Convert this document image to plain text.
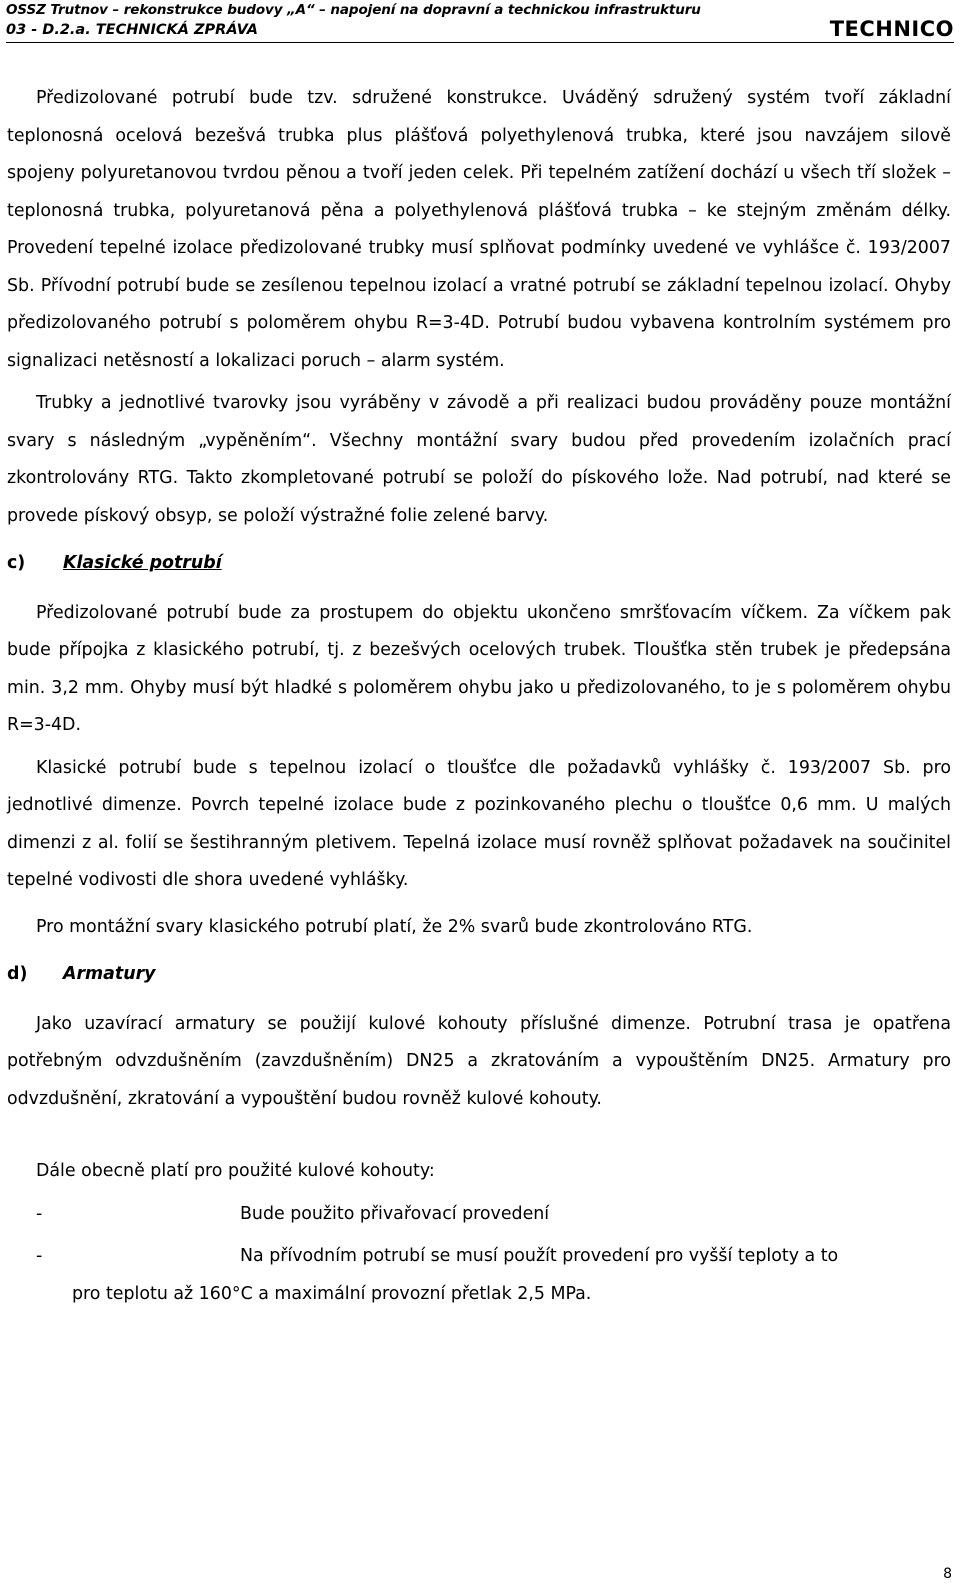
OSSZ Trutnov – rekonstrukce budovy „A“ – napojení na dopravní a technickou infrastrukturu
03 - D.2.a. TECHNICKÁ ZPRÁVA	TECHNICO

Předizolované potrubí bude tzv. sdružené konstrukce. Uváděný sdružený systém tvoří základní teplonosná ocelová bezešvá trubka plus plášťová polyethylenová trubka, které jsou navzájem silově spojeny polyuretanovou tvrdou pěnou a tvoří jeden celek. Při tepelném zatížení dochází u všech tří složek – teplonosná trubka, polyuretanová pěna a polyethylenová plášťová trubka – ke stejným změnám délky. Provedení tepelné izolace předizolované trubky musí splňovat podmínky uvedené ve vyhlášce č. 193/2007 Sb. Přívodní potrubí bude se zesílenou tepelnou izolací a vratné potrubí se základní tepelnou izolací. Ohyby předizolovaného potrubí s poloměrem ohybu R=3-4D. Potrubí budou vybavena kontrolním systémem pro signalizaci netěsností a lokalizaci poruch – alarm systém.

Trubky a jednotlivé tvarovky jsou vyráběny v závodě a při realizaci budou prováděny pouze montážní svary s následným „vypěněním“. Všechny montážní svary budou před provedením izolačních prací zkontrolovány RTG. Takto zkompletované potrubí se položí do pískového lože. Nad potrubí, nad které se provede pískový obsyp, se položí výstražné folie zelené barvy.

c) Klasické potrubí

Předizolované potrubí bude za prostupem do objektu ukončeno smršťovacím víčkem. Za víčkem pak bude přípojka z klasického potrubí, tj. z bezešvých ocelových trubek. Tloušťka stěn trubek je předepsána min. 3,2 mm. Ohyby musí být hladké s poloměrem ohybu jako u předizolovaného, to je s poloměrem ohybu R=3-4D.

Klasické potrubí bude s tepelnou izolací o tloušťce dle požadavků vyhlášky č. 193/2007 Sb. pro jednotlivé dimenze. Povrch tepelné izolace bude z pozinkovaného plechu o tloušťce 0,6 mm. U malých dimenzi z al. folií se šestihranným pletivem. Tepelná izolace musí rovněž splňovat požadavek na součinitel tepelné vodivosti dle shora uvedené vyhlášky.

Pro montážní svary klasického potrubí platí, že 2% svarů bude zkontrolováno RTG.

d) Armatury

Jako uzavírací armatury se použijí kulové kohouty příslušné dimenze. Potrubní trasa je opatřena potřebným odvzdušněním (zavzdušněním) DN25 a zkratováním a vypouštěním DN25. Armatury pro odvzdušnění, zkratování a vypouštění budou rovněž kulové kohouty.

Dále obecně platí pro použité kulové kohouty:

-	Bude použito přivařovací provedení
-	Na přívodním potrubí se musí použít provedení pro vyšší teploty a to
pro teplotu až 160°C a maximální provozní přetlak 2,5 MPa.
8
